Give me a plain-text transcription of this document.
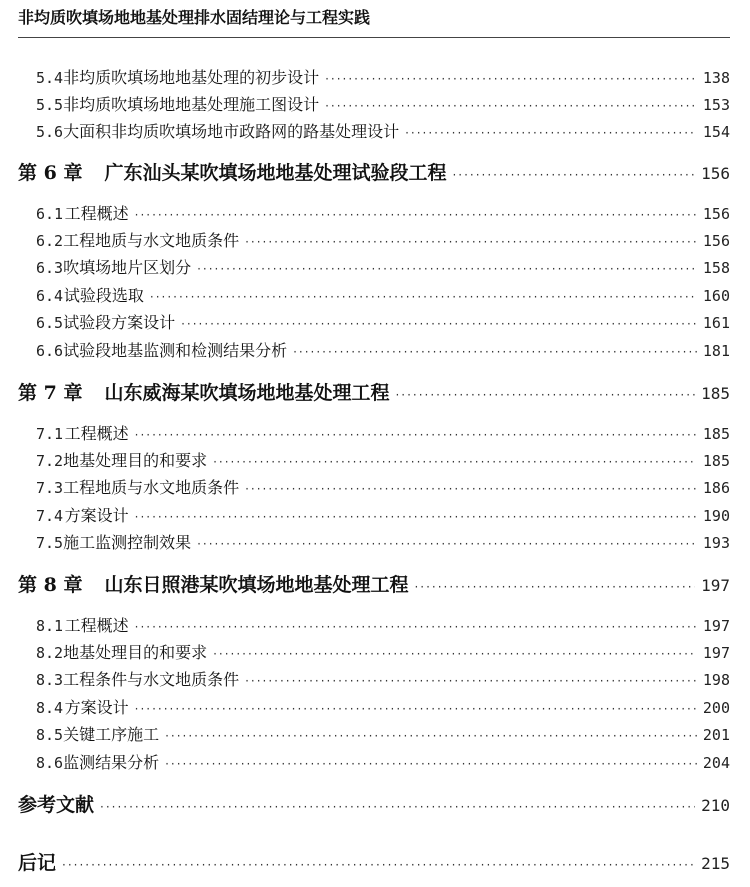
非均质吹填场地地基处理排水固结理论与工程实践
5.4 非均质吹填场地地基处理的初步设计 ·····	138
5.5 非均质吹填场地地基处理施工图设计 ·····	153
5.6 大面积非均质吹填场地市政路网的路基处理设计 ·····	154
第 6 章 广东汕头某吹填场地地基处理试验段工程 ·····	156
6.1 工程概述 ·····	156
6.2 工程地质与水文地质条件 ·····	156
6.3 吹填场地片区划分 ·····	158
6.4 试验段选取 ·····	160
6.5 试验段方案设计 ·····	161
6.6 试验段地基监测和检测结果分析 ·····	181
第 7 章 山东威海某吹填场地地基处理工程 ·····	185
7.1 工程概述 ·····	185
7.2 地基处理目的和要求 ·····	185
7.3 工程地质与水文地质条件 ·····	186
7.4 方案设计 ·····	190
7.5 施工监测控制效果 ·····	193
第 8 章 山东日照港某吹填场地地基处理工程 ·····	197
8.1 工程概述 ·····	197
8.2 地基处理目的和要求 ·····	197
8.3 工程条件与水文地质条件 ·····	198
8.4 方案设计 ·····	200
8.5 关键工序施工 ·····	201
8.6 监测结果分析 ·····	204
参考文献 ·····	210
后记 ·····	215
